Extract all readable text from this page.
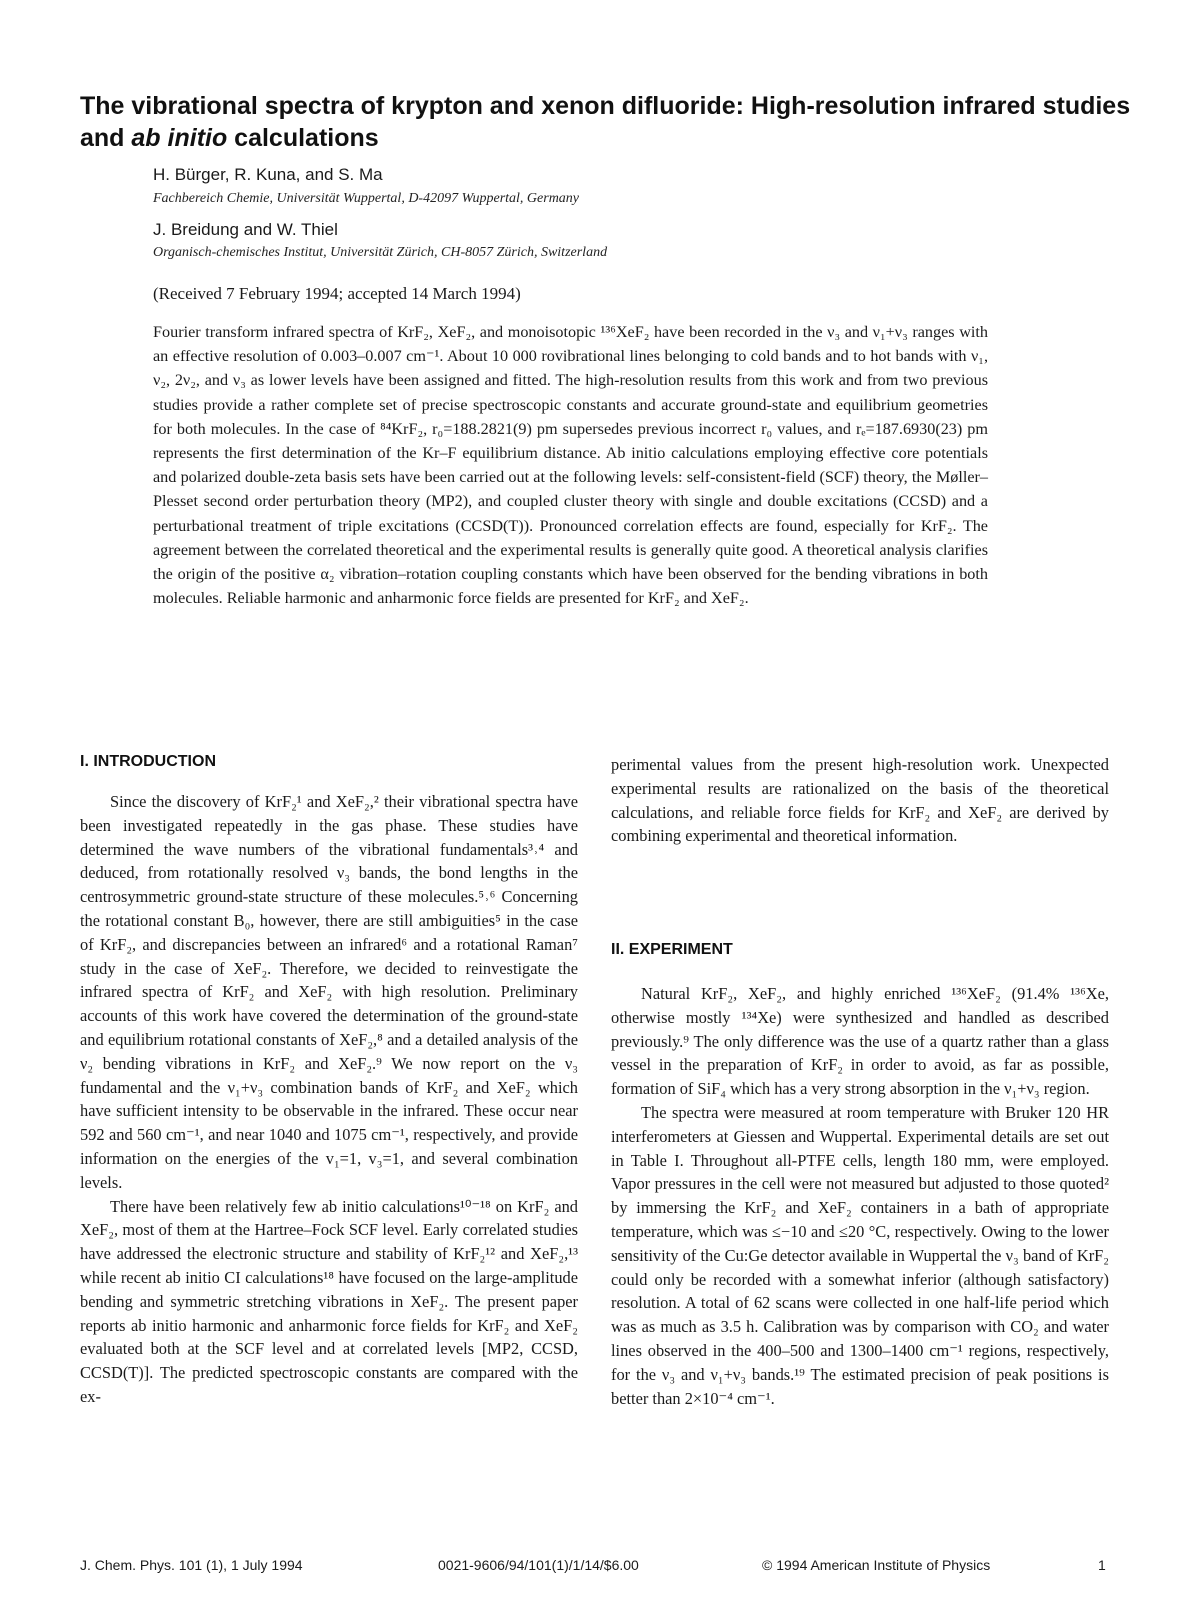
The vibrational spectra of krypton and xenon difluoride: High-resolution infrared studies and ab initio calculations
H. Bürger, R. Kuna, and S. Ma
Fachbereich Chemie, Universität Wuppertal, D-42097 Wuppertal, Germany
J. Breidung and W. Thiel
Organisch-chemisches Institut, Universität Zürich, CH-8057 Zürich, Switzerland
(Received 7 February 1994; accepted 14 March 1994)

Fourier transform infrared spectra of KrF₂, XeF₂, and monoisotopic ¹³⁶XeF₂ have been recorded in the ν₃ and ν₁+ν₃ ranges with an effective resolution of 0.003–0.007 cm⁻¹. About 10 000 rovibrational lines belonging to cold bands and to hot bands with ν₁, ν₂, 2ν₂, and ν₃ as lower levels have been assigned and fitted. The high-resolution results from this work and from two previous studies provide a rather complete set of precise spectroscopic constants and accurate ground-state and equilibrium geometries for both molecules. In the case of ⁸⁴KrF₂, r₀=188.2821(9) pm supersedes previous incorrect r₀ values, and rₑ=187.6930(23) pm represents the first determination of the Kr–F equilibrium distance. Ab initio calculations employing effective core potentials and polarized double-zeta basis sets have been carried out at the following levels: self-consistent-field (SCF) theory, the Møller–Plesset second order perturbation theory (MP2), and coupled cluster theory with single and double excitations (CCSD) and a perturbational treatment of triple excitations (CCSD(T)). Pronounced correlation effects are found, especially for KrF₂. The agreement between the correlated theoretical and the experimental results is generally quite good. A theoretical analysis clarifies the origin of the positive α₂ vibration–rotation coupling constants which have been observed for the bending vibrations in both molecules. Reliable harmonic and anharmonic force fields are presented for KrF₂ and XeF₂.

I. INTRODUCTION

Since the discovery of KrF₂¹ and XeF₂,² their vibrational spectra have been investigated repeatedly in the gas phase. These studies have determined the wave numbers of the vibrational fundamentals³˒⁴ and deduced, from rotationally resolved ν₃ bands, the bond lengths in the centrosymmetric ground-state structure of these molecules.⁵˒⁶ Concerning the rotational constant B₀, however, there are still ambiguities⁵ in the case of KrF₂, and discrepancies between an infrared⁶ and a rotational Raman⁷ study in the case of XeF₂. Therefore, we decided to reinvestigate the infrared spectra of KrF₂ and XeF₂ with high resolution. Preliminary accounts of this work have covered the determination of the ground-state and equilibrium rotational constants of XeF₂,⁸ and a detailed analysis of the ν₂ bending vibrations in KrF₂ and XeF₂.⁹ We now report on the ν₃ fundamental and the ν₁+ν₃ combination bands of KrF₂ and XeF₂ which have sufficient intensity to be observable in the infrared. These occur near 592 and 560 cm⁻¹, and near 1040 and 1075 cm⁻¹, respectively, and provide information on the energies of the v₁=1, v₃=1, and several combination levels.

There have been relatively few ab initio calculations¹⁰⁻¹⁸ on KrF₂ and XeF₂, most of them at the Hartree–Fock SCF level. Early correlated studies have addressed the electronic structure and stability of KrF₂¹² and XeF₂,¹³ while recent ab initio CI calculations¹⁸ have focused on the large-amplitude bending and symmetric stretching vibrations in XeF₂. The present paper reports ab initio harmonic and anharmonic force fields for KrF₂ and XeF₂ evaluated both at the SCF level and at correlated levels [MP2, CCSD, CCSD(T)]. The predicted spectroscopic constants are compared with the ex-

perimental values from the present high-resolution work. Unexpected experimental results are rationalized on the basis of the theoretical calculations, and reliable force fields for KrF₂ and XeF₂ are derived by combining experimental and theoretical information.

II. EXPERIMENT

Natural KrF₂, XeF₂, and highly enriched ¹³⁶XeF₂ (91.4% ¹³⁶Xe, otherwise mostly ¹³⁴Xe) were synthesized and handled as described previously.⁹ The only difference was the use of a quartz rather than a glass vessel in the preparation of KrF₂ in order to avoid, as far as possible, formation of SiF₄ which has a very strong absorption in the ν₁+ν₃ region.

The spectra were measured at room temperature with Bruker 120 HR interferometers at Giessen and Wuppertal. Experimental details are set out in Table I. Throughout all-PTFE cells, length 180 mm, were employed. Vapor pressures in the cell were not measured but adjusted to those quoted² by immersing the KrF₂ and XeF₂ containers in a bath of appropriate temperature, which was ≤−10 and ≤20 °C, respectively. Owing to the lower sensitivity of the Cu:Ge detector available in Wuppertal the ν₃ band of KrF₂ could only be recorded with a somewhat inferior (although satisfactory) resolution. A total of 62 scans were collected in one half-life period which was as much as 3.5 h. Calibration was by comparison with CO₂ and water lines observed in the 400–500 and 1300–1400 cm⁻¹ regions, respectively, for the ν₃ and ν₁+ν₃ bands.¹⁹ The estimated precision of peak positions is better than 2×10⁻⁴ cm⁻¹.

J. Chem. Phys. 101 (1), 1 July 1994	0021-9606/94/101(1)/1/14/$6.00	© 1994 American Institute of Physics	1
